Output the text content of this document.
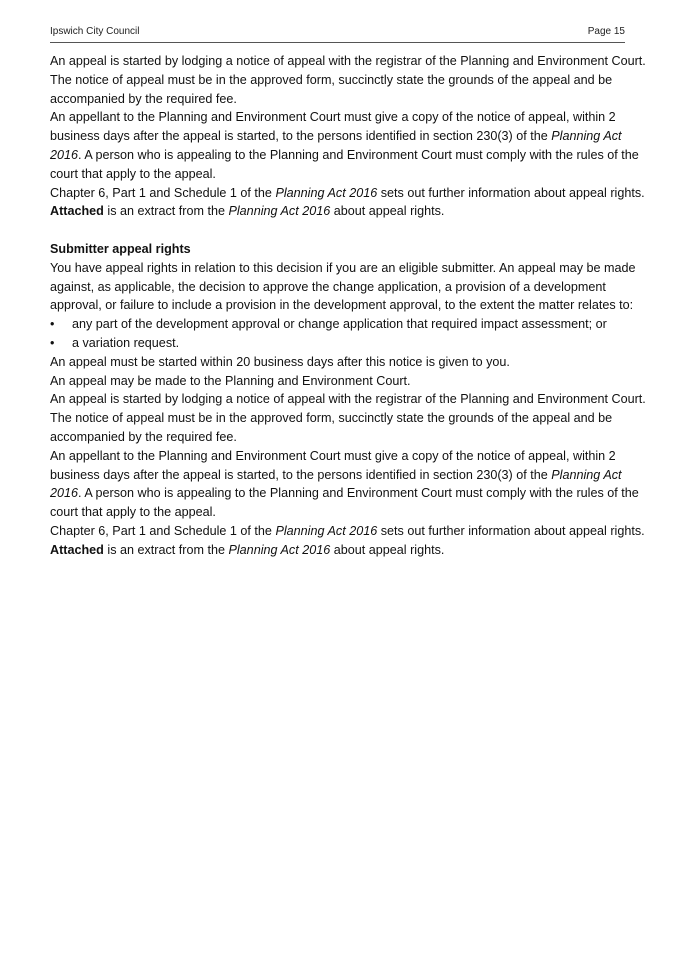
Ipswich City Council	Page 15

An appeal is started by lodging a notice of appeal with the registrar of the Planning and Environment Court. The notice of appeal must be in the approved form, succinctly state the grounds of the appeal and be accompanied by the required fee.

An appellant to the Planning and Environment Court must give a copy of the notice of appeal, within 2 business days after the appeal is started, to the persons identified in section 230(3) of the Planning Act 2016. A person who is appealing to the Planning and Environment Court must comply with the rules of the court that apply to the appeal.

Chapter 6, Part 1 and Schedule 1 of the Planning Act 2016 sets out further information about appeal rights. Attached is an extract from the Planning Act 2016 about appeal rights.

Submitter appeal rights

You have appeal rights in relation to this decision if you are an eligible submitter. An appeal may be made against, as applicable, the decision to approve the change application, a provision of a development approval, or failure to include a provision in the development approval, to the extent the matter relates to:

• any part of the development approval or change application that required impact assessment; or

• a variation request.

An appeal must be started within 20 business days after this notice is given to you.

An appeal may be made to the Planning and Environment Court.

An appeal is started by lodging a notice of appeal with the registrar of the Planning and Environment Court. The notice of appeal must be in the approved form, succinctly state the grounds of the appeal and be accompanied by the required fee.

An appellant to the Planning and Environment Court must give a copy of the notice of appeal, within 2 business days after the appeal is started, to the persons identified in section 230(3) of the Planning Act 2016. A person who is appealing to the Planning and Environment Court must comply with the rules of the court that apply to the appeal.

Chapter 6, Part 1 and Schedule 1 of the Planning Act 2016 sets out further information about appeal rights. Attached is an extract from the Planning Act 2016 about appeal rights.
